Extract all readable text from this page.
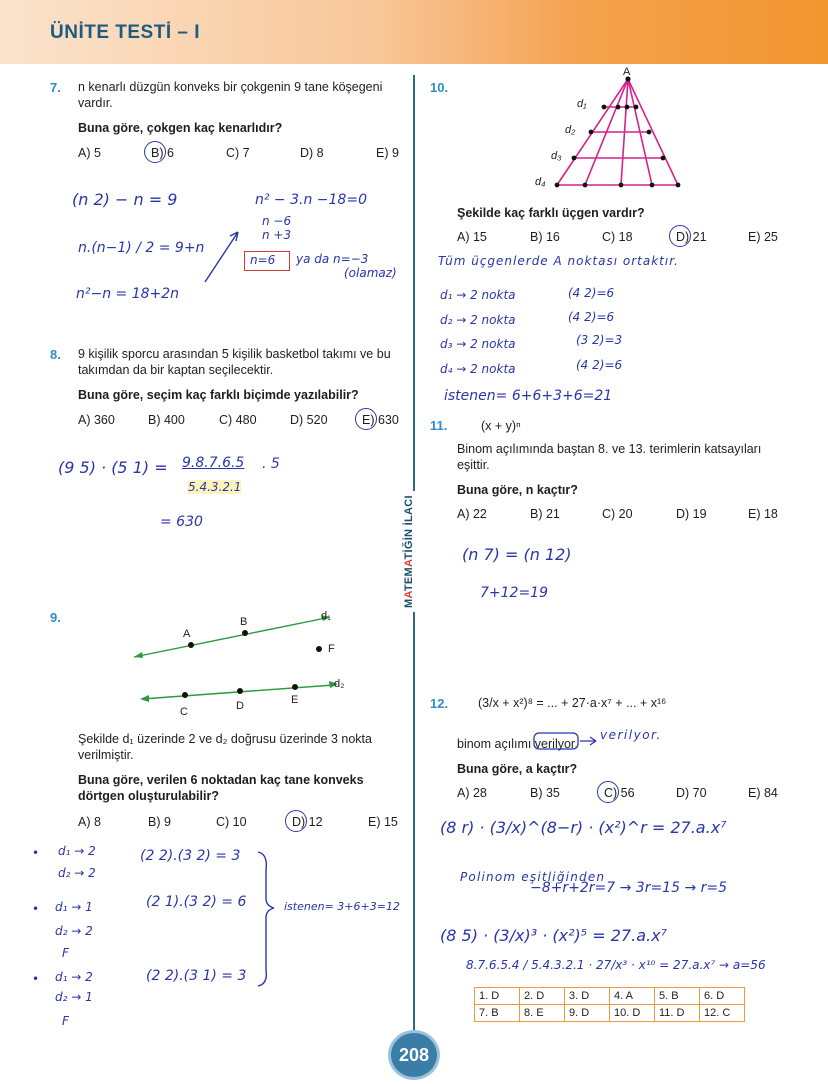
ÜNİTE TESTİ – I
MATEMATİĞİN İLACI
7. n kenarlı düzgün konveks bir çokgenin 9 tane köşegeni vardır.
Buna göre, çokgen kaç kenarlıdır?
A) 5	B) 6	C) 7	D) 8	E) 9
(n 2) − n = 9
n.(n−1) / 2 = 9+n
n²−n = 18+2n
n² − 3.n −18=0
n −6
n +3
n=6 ya da n=−3
(olamaz)
8. 9 kişilik sporcu arasından 5 kişilik basketbol takımı ve bu takımdan da bir kaptan seçilecektir.
Buna göre, seçim kaç farklı biçimde yazılabilir?
A) 360	B) 400	C) 480	D) 520	E) 630
(9 5) · (5 1) = 9.8.7.6.5
5.4.3.2.1
. 5
= 630
9.
A
B
F
d₁
d₂
C	D	E
Şekilde d₁ üzerinde 2 ve d₂ doğrusu üzerinde 3 nokta verilmiştir.
Buna göre, verilen 6 noktadan kaç tane konveks dörtgen oluşturulabilir?
A) 8	B) 9	C) 10	D) 12	E) 15
• d₁ → 2
d₂ → 2
(2 2).(3 2) = 3
• d₁ → 1
d₂ → 2
F
(2 1).(3 2) = 6
• d₁ → 2
d₂ → 1
F
(2 2).(3 1) = 3
istenen= 3+6+3=12
10.
A
d₁
d₂
d₃
d₄
Şekilde kaç farklı üçgen vardır?
A) 15	B) 16	C) 18	D) 21	E) 25
Tüm üçgenlerde A noktası ortaktır.
d₁ → 2 nokta	(4 2)=6
d₂ → 2 nokta	(4 2)=6
d₃ → 2 nokta	(3 2)=3
d₄ → 2 nokta	(4 2)=6
istenen= 6+6+3+6=21
11.	(x + y)ⁿ
Binom açılımında baştan 8. ve 13. terimlerin katsayıları eşittir.
Buna göre, n kaçtır?
A) 22	B) 21	C) 20	D) 19	E) 18
(n 7) = (n 12)
7+12=19
12. (3/x + x²)⁸ = ... + 27·a·x⁷ + ... + x¹⁶
binom açılımı verilyor.
verilyor.
Buna göre, a kaçtır?
A) 28	B) 35	C) 56	D) 70	E) 84
(8 r) · (3/x)^(8−r) · (x²)^r = 27.a.x⁷
Polinom eşitliğinden
−8+r+2r=7 → 3r=15 → r=5
(8 5) · (3/x)³ · (x²)⁵ = 27.a.x⁷
8.7.6.5.4 / 5.4.3.2.1 · 27/x³ · x¹⁰ = 27.a.x⁷ → a=56
1. D	2. D	3. D	4. A	5. B	6. D
7. B	8. E	9. D	10. D	11. D	12. C
208
